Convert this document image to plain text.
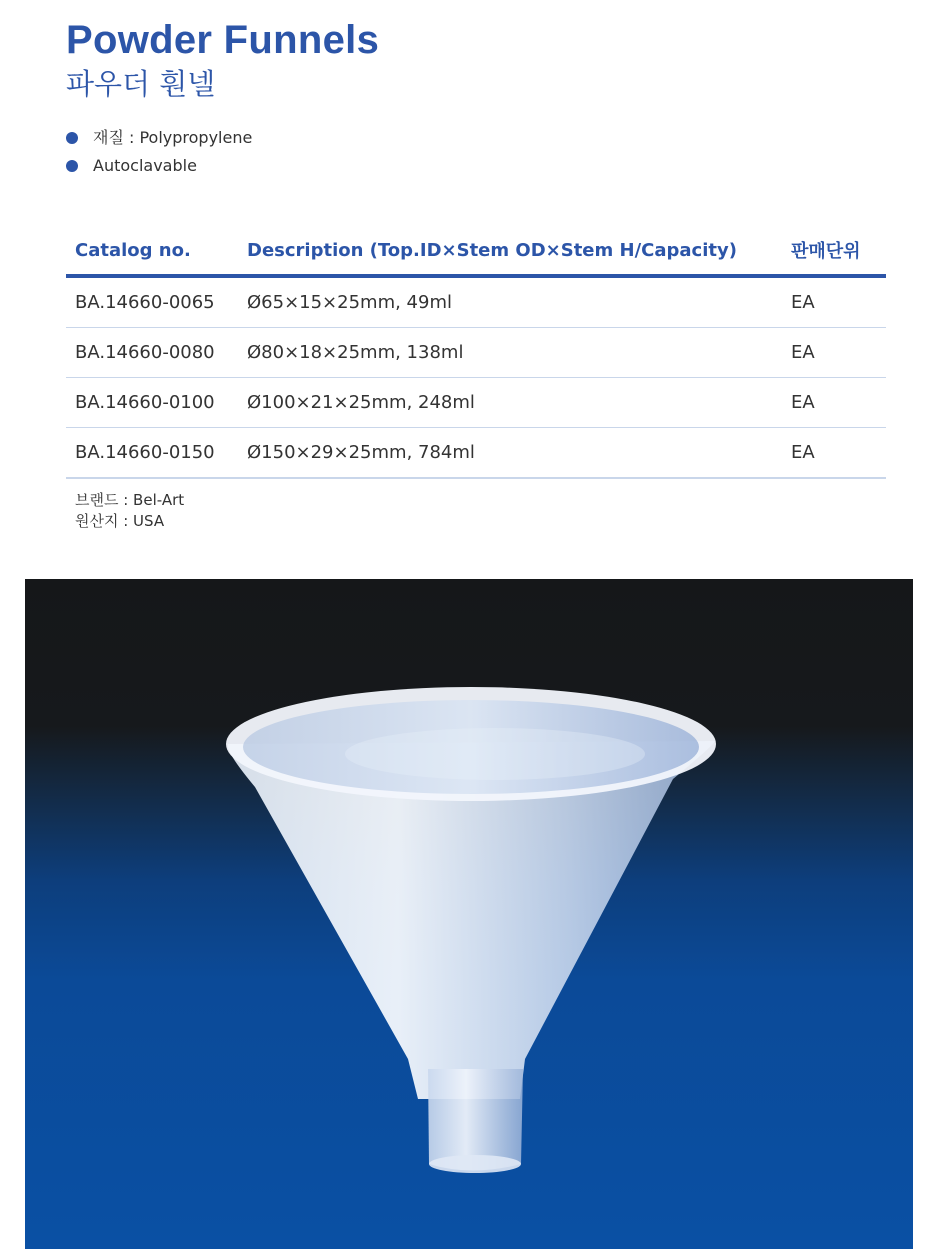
Powder Funnels
파우더 훤넬
재질 : Polypropylene
Autoclavable
Catalog no.	Description (Top.ID×Stem OD×Stem H/Capacity)	판매단위
BA.14660-0065	Ø65×15×25mm, 49ml	EA
BA.14660-0080	Ø80×18×25mm, 138ml	EA
BA.14660-0100	Ø100×21×25mm, 248ml	EA
BA.14660-0150	Ø150×29×25mm, 784ml	EA
브랜드 : Bel-Art
원산지 : USA
